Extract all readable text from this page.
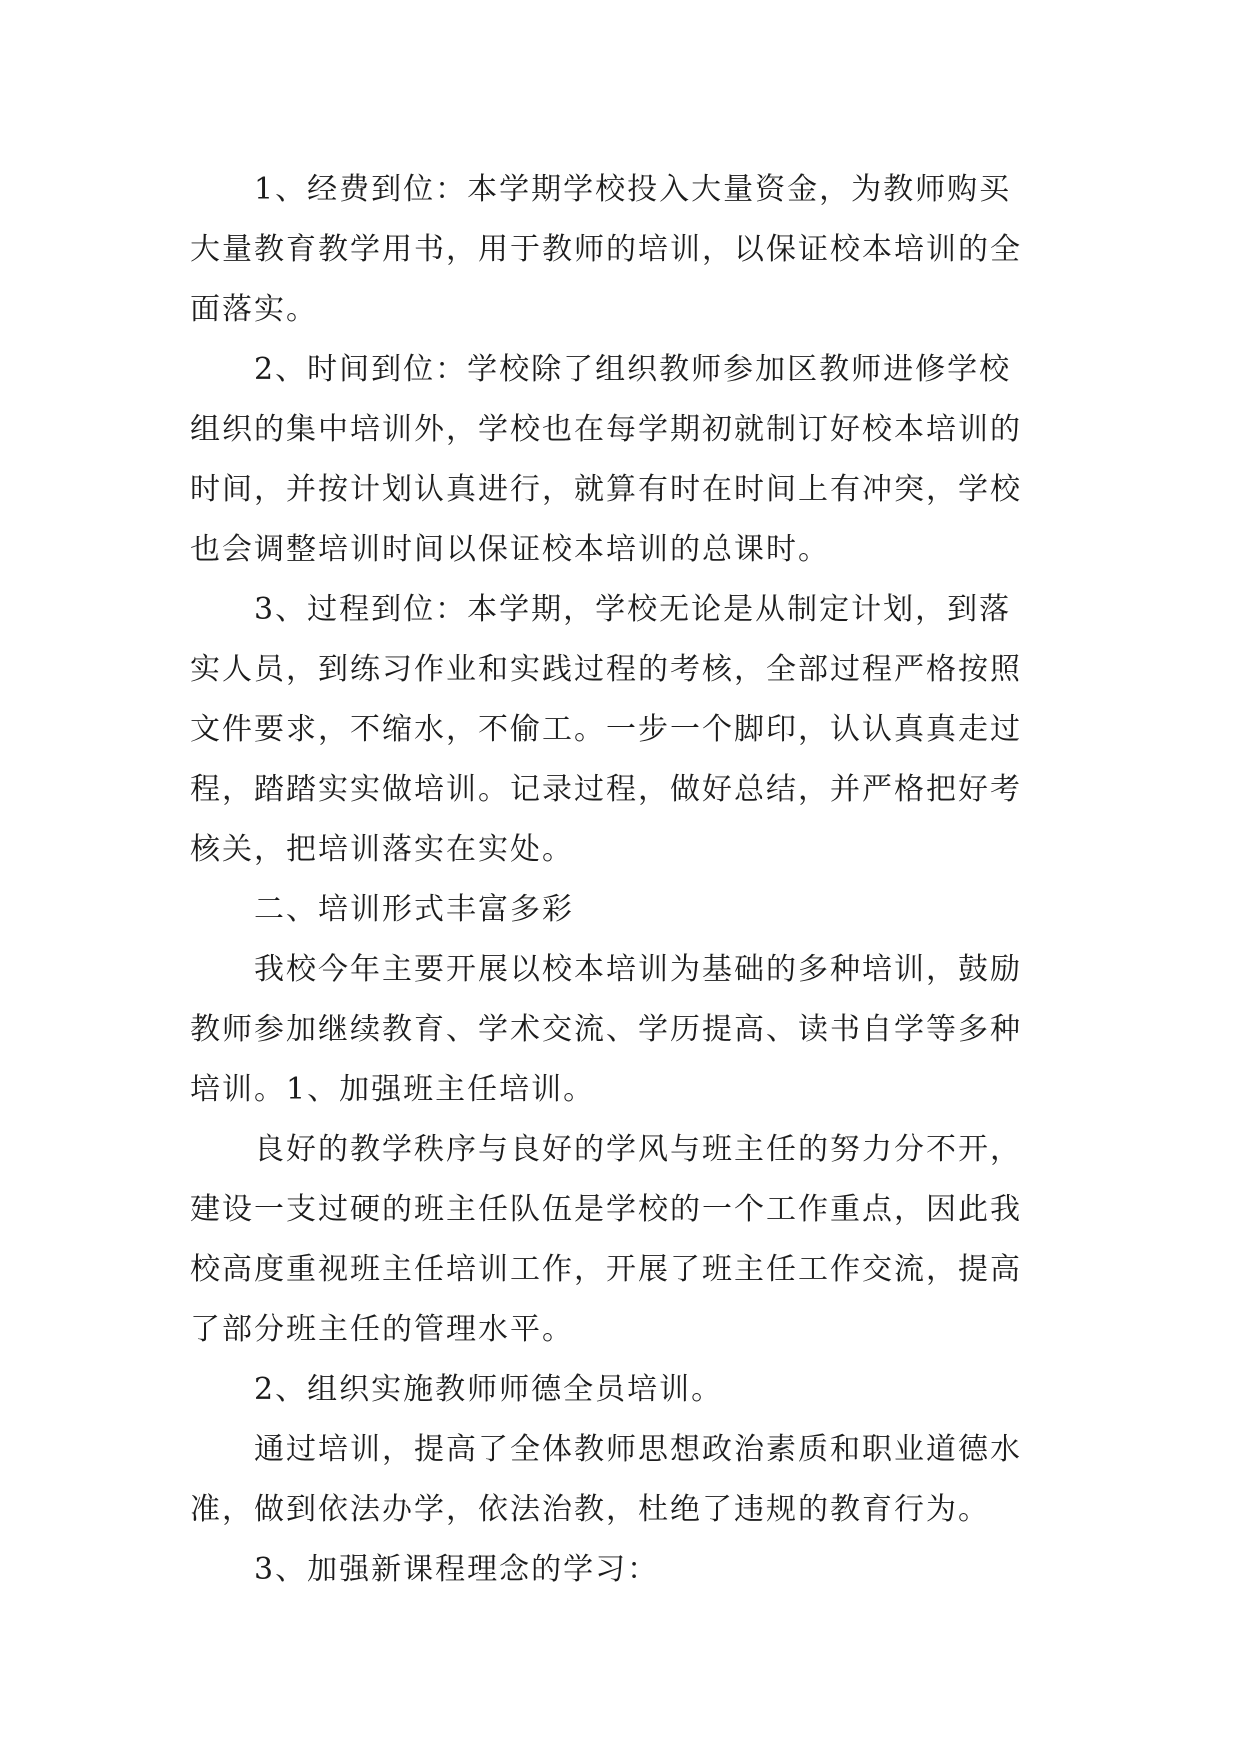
1、经费到位：本学期学校投入大量资金，为教师购买
大量教育教学用书，用于教师的培训，以保证校本培训的全
面落实。
2、时间到位：学校除了组织教师参加区教师进修学校
组织的集中培训外，学校也在每学期初就制订好校本培训的
时间，并按计划认真进行，就算有时在时间上有冲突，学校
也会调整培训时间以保证校本培训的总课时。
3、过程到位：本学期，学校无论是从制定计划，到落
实人员，到练习作业和实践过程的考核，全部过程严格按照
文件要求，不缩水，不偷工。一步一个脚印，认认真真走过
程，踏踏实实做培训。记录过程，做好总结，并严格把好考
核关，把培训落实在实处。
二、培训形式丰富多彩
我校今年主要开展以校本培训为基础的多种培训，鼓励
教师参加继续教育、学术交流、学历提高、读书自学等多种
培训。1、加强班主任培训。
良好的教学秩序与良好的学风与班主任的努力分不开，
建设一支过硬的班主任队伍是学校的一个工作重点，因此我
校高度重视班主任培训工作，开展了班主任工作交流，提高
了部分班主任的管理水平。
2、组织实施教师师德全员培训。
通过培训，提高了全体教师思想政治素质和职业道德水
准，做到依法办学，依法治教，杜绝了违规的教育行为。
3、加强新课程理念的学习：
